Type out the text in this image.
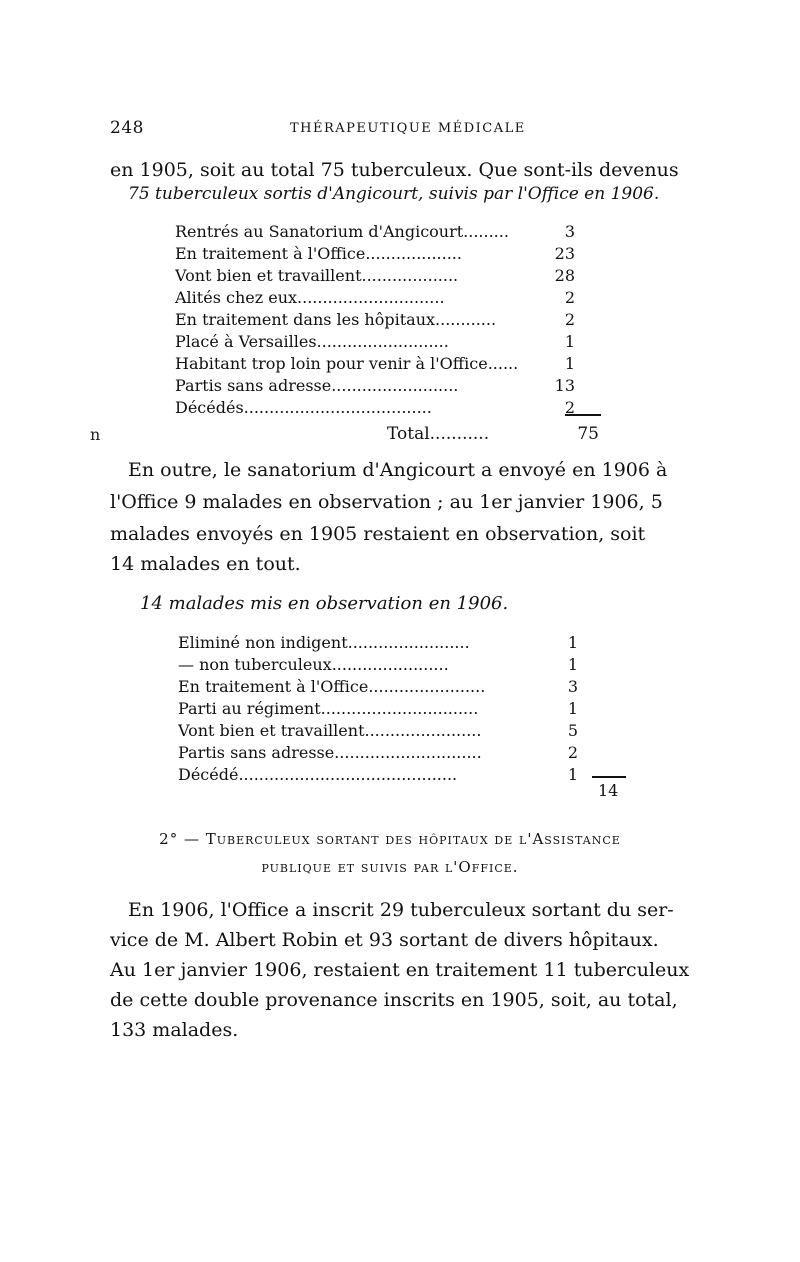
248	THÉRAPEUTIQUE MÉDICALE
en 1905, soit au total 75 tuberculeux. Que sont-ils devenus
75 tuberculeux sortis d'Angicourt, suivis par l'Office en 1906.
Rentrés au Sanatorium d'Angicourt.........	3
En traitement à l'Office...................	23
Vont bien et travaillent...................	28
Alités chez eux.............................	2
En traitement dans les hôpitaux............	2
Placé à Versailles..........................	1
Habitant trop loin pour venir à l'Office......	1
Partis sans adresse.........................	13
Décédés.....................................	2
n	Total...........	75
En outre, le sanatorium d'Angicourt a envoyé en 1906 à
l'Office 9 malades en observation ; au 1er janvier 1906, 5
malades envoyés en 1905 restaient en observation, soit
14 malades en tout.
14 malades mis en observation en 1906.
Eliminé non indigent........................	1
— non tuberculeux.......................	1
En traitement à l'Office.......................	3
Parti au régiment...............................	1
Vont bien et travaillent.......................	5
Partis sans adresse.............................	2
Décédé...........................................	1
14
2° — Tuberculeux sortant des hôpitaux de l'Assistance
publique et suivis par l'Office.
En 1906, l'Office a inscrit 29 tuberculeux sortant du ser-
vice de M. Albert Robin et 93 sortant de divers hôpitaux.
Au 1er janvier 1906, restaient en traitement 11 tuberculeux
de cette double provenance inscrits en 1905, soit, au total,
133 malades.
